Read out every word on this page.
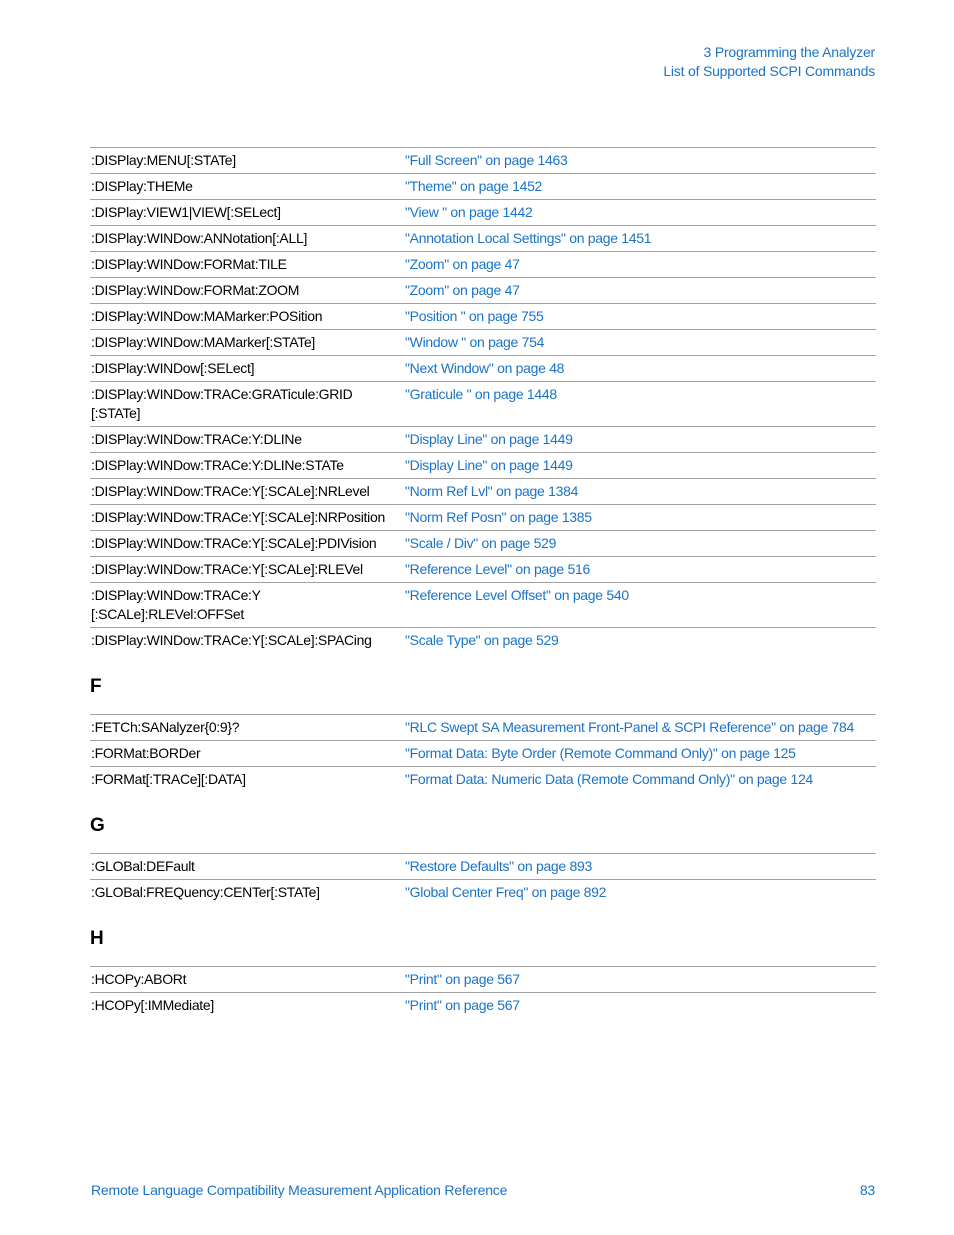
3 Programming the Analyzer
List of Supported SCPI Commands
:DISPlay:MENU[:STATe]	"Full Screen" on page 1463
:DISPlay:THEMe	"Theme" on page 1452
:DISPlay:VIEW1|VIEW[:SELect]	"View " on page 1442
:DISPlay:WINDow:ANNotation[:ALL]	"Annotation Local Settings" on page 1451
:DISPlay:WINDow:FORMat:TILE	"Zoom" on page 47
:DISPlay:WINDow:FORMat:ZOOM	"Zoom" on page 47
:DISPlay:WINDow:MAMarker:POSition	"Position " on page 755
:DISPlay:WINDow:MAMarker[:STATe]	"Window " on page 754
:DISPlay:WINDow[:SELect]	"Next Window" on page 48
:DISPlay:WINDow:TRACe:GRATicule:GRID [:STATe]	"Graticule " on page 1448
:DISPlay:WINDow:TRACe:Y:DLINe	"Display Line" on page 1449
:DISPlay:WINDow:TRACe:Y:DLINe:STATe	"Display Line" on page 1449
:DISPlay:WINDow:TRACe:Y[:SCALe]:NRLevel	"Norm Ref Lvl" on page 1384
:DISPlay:WINDow:TRACe:Y[:SCALe]:NRPosition	"Norm Ref Posn" on page 1385
:DISPlay:WINDow:TRACe:Y[:SCALe]:PDIVision	"Scale / Div" on page 529
:DISPlay:WINDow:TRACe:Y[:SCALe]:RLEVel	"Reference Level" on page 516
:DISPlay:WINDow:TRACe:Y [:SCALe]:RLEVel:OFFSet	"Reference Level Offset" on page 540
:DISPlay:WINDow:TRACe:Y[:SCALe]:SPACing	"Scale Type" on page 529
F
:FETCh:SANalyzer{0:9}?	"RLC Swept SA Measurement Front-Panel & SCPI Reference" on page 784
:FORMat:BORDer	"Format Data: Byte Order (Remote Command Only)" on page 125
:FORMat[:TRACe][:DATA]	"Format Data: Numeric Data (Remote Command Only)" on page 124
G
:GLOBal:DEFault	"Restore Defaults" on page 893
:GLOBal:FREQuency:CENTer[:STATe]	"Global Center Freq" on page 892
H
:HCOPy:ABORt	"Print" on page 567
:HCOPy[:IMMediate]	"Print" on page 567
Remote Language Compatibility Measurement Application Reference	83
